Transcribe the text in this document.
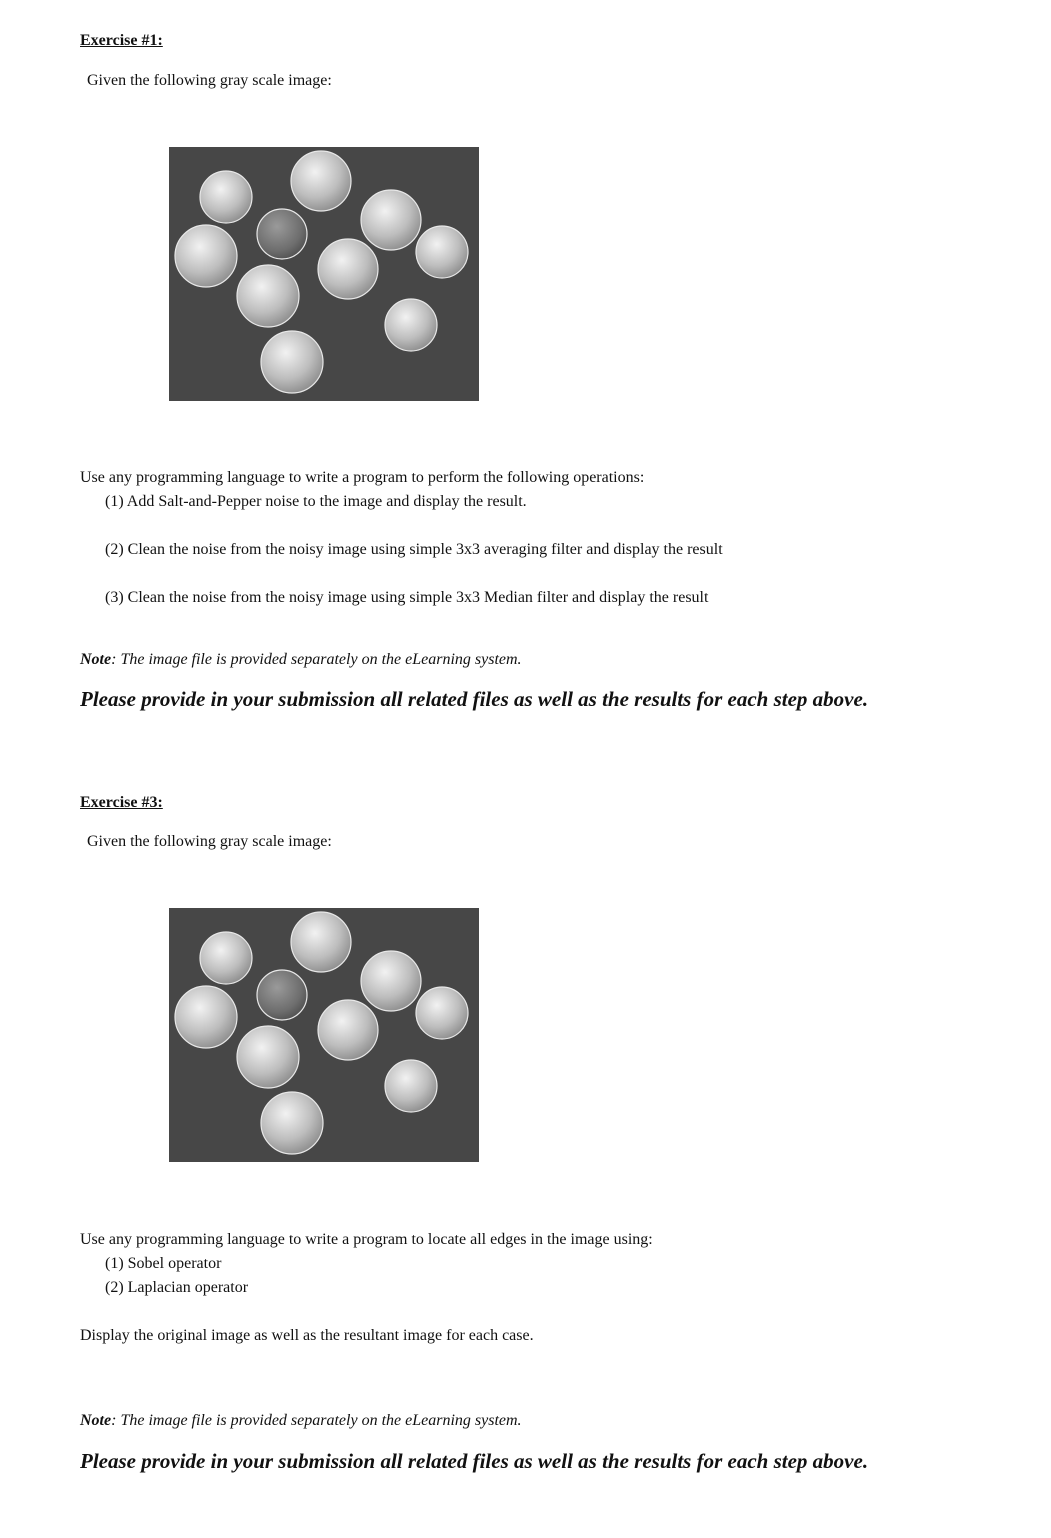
Exercise #1:
Given the following gray scale image:
Use any programming language to write a program to perform the following operations:
(1) Add Salt-and-Pepper noise to the image and display the result.
(2) Clean the noise from the noisy image using simple 3x3 averaging filter and display the result
(3) Clean the noise from the noisy image using simple 3x3 Median filter and display the result
Note: The image file is provided separately on the eLearning system.
Please provide in your submission all related files as well as the results for each step above.
Exercise #3:
Given the following gray scale image:
Use any programming language to write a program to locate all edges in the image using:
(1) Sobel operator
(2) Laplacian operator
Display the original image as well as the resultant image for each case.
Note: The image file is provided separately on the eLearning system.
Please provide in your submission all related files as well as the results for each step above.
